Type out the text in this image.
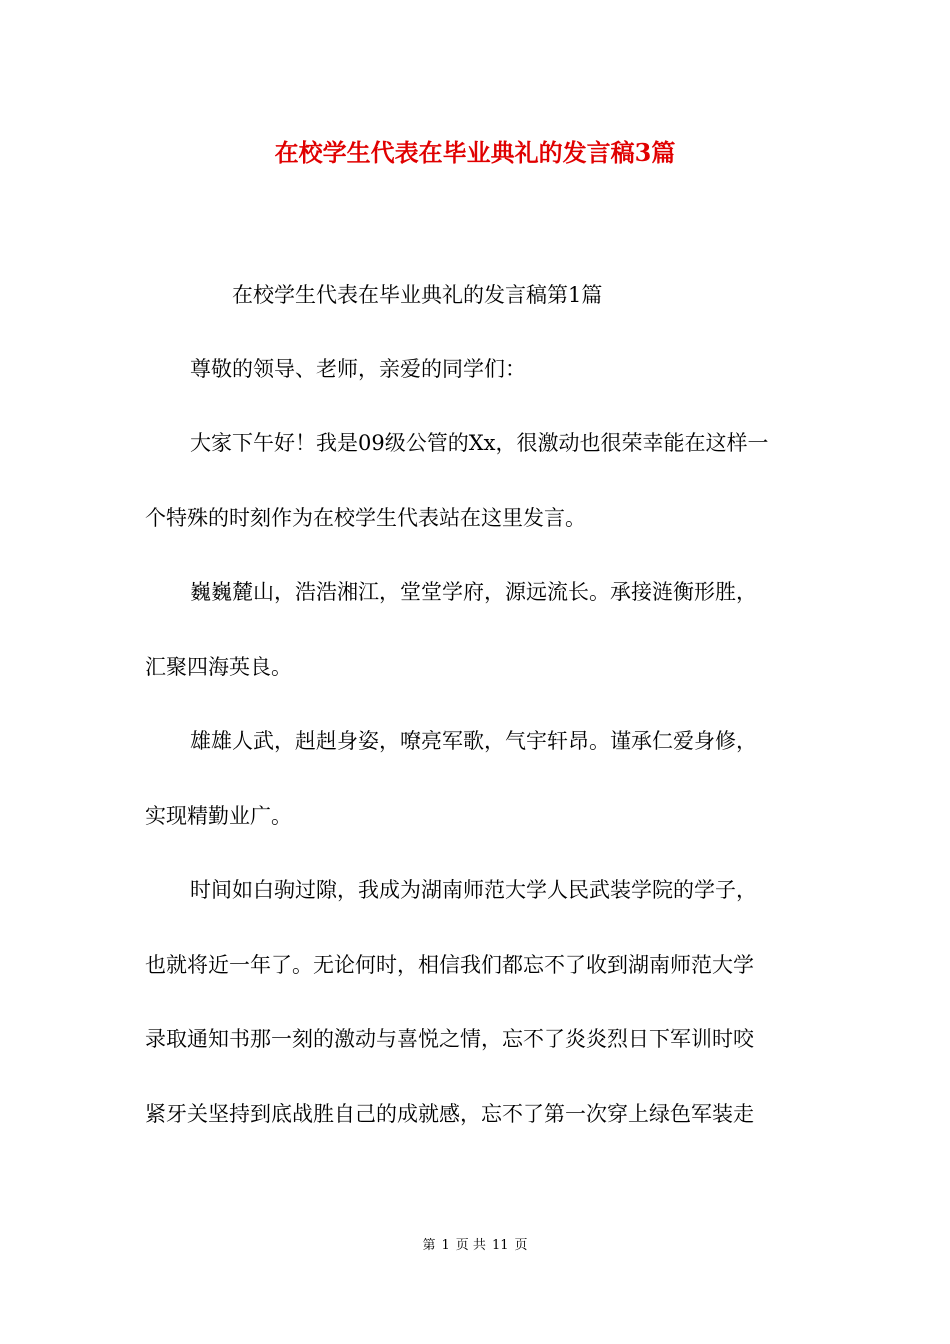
在校学生代表在毕业典礼的发言稿3篇

在校学生代表在毕业典礼的发言稿第1篇

尊敬的领导、老师，亲爱的同学们：

大家下午好！我是09级公管的Xx，很激动也很荣幸能在这样一

个特殊的时刻作为在校学生代表站在这里发言。

巍巍麓山，浩浩湘江，堂堂学府，源远流长。承接涟衡形胜，

汇聚四海英良。

雄雄人武，赳赳身姿，嘹亮军歌，气宇轩昂。谨承仁爱身修，

实现精勤业广。

时间如白驹过隙，我成为湖南师范大学人民武装学院的学子，

也就将近一年了。无论何时，相信我们都忘不了收到湖南师范大学

录取通知书那一刻的激动与喜悦之情，忘不了炎炎烈日下军训时咬

紧牙关坚持到底战胜自己的成就感，忘不了第一次穿上绿色军装走

第 1 页 共 11 页
